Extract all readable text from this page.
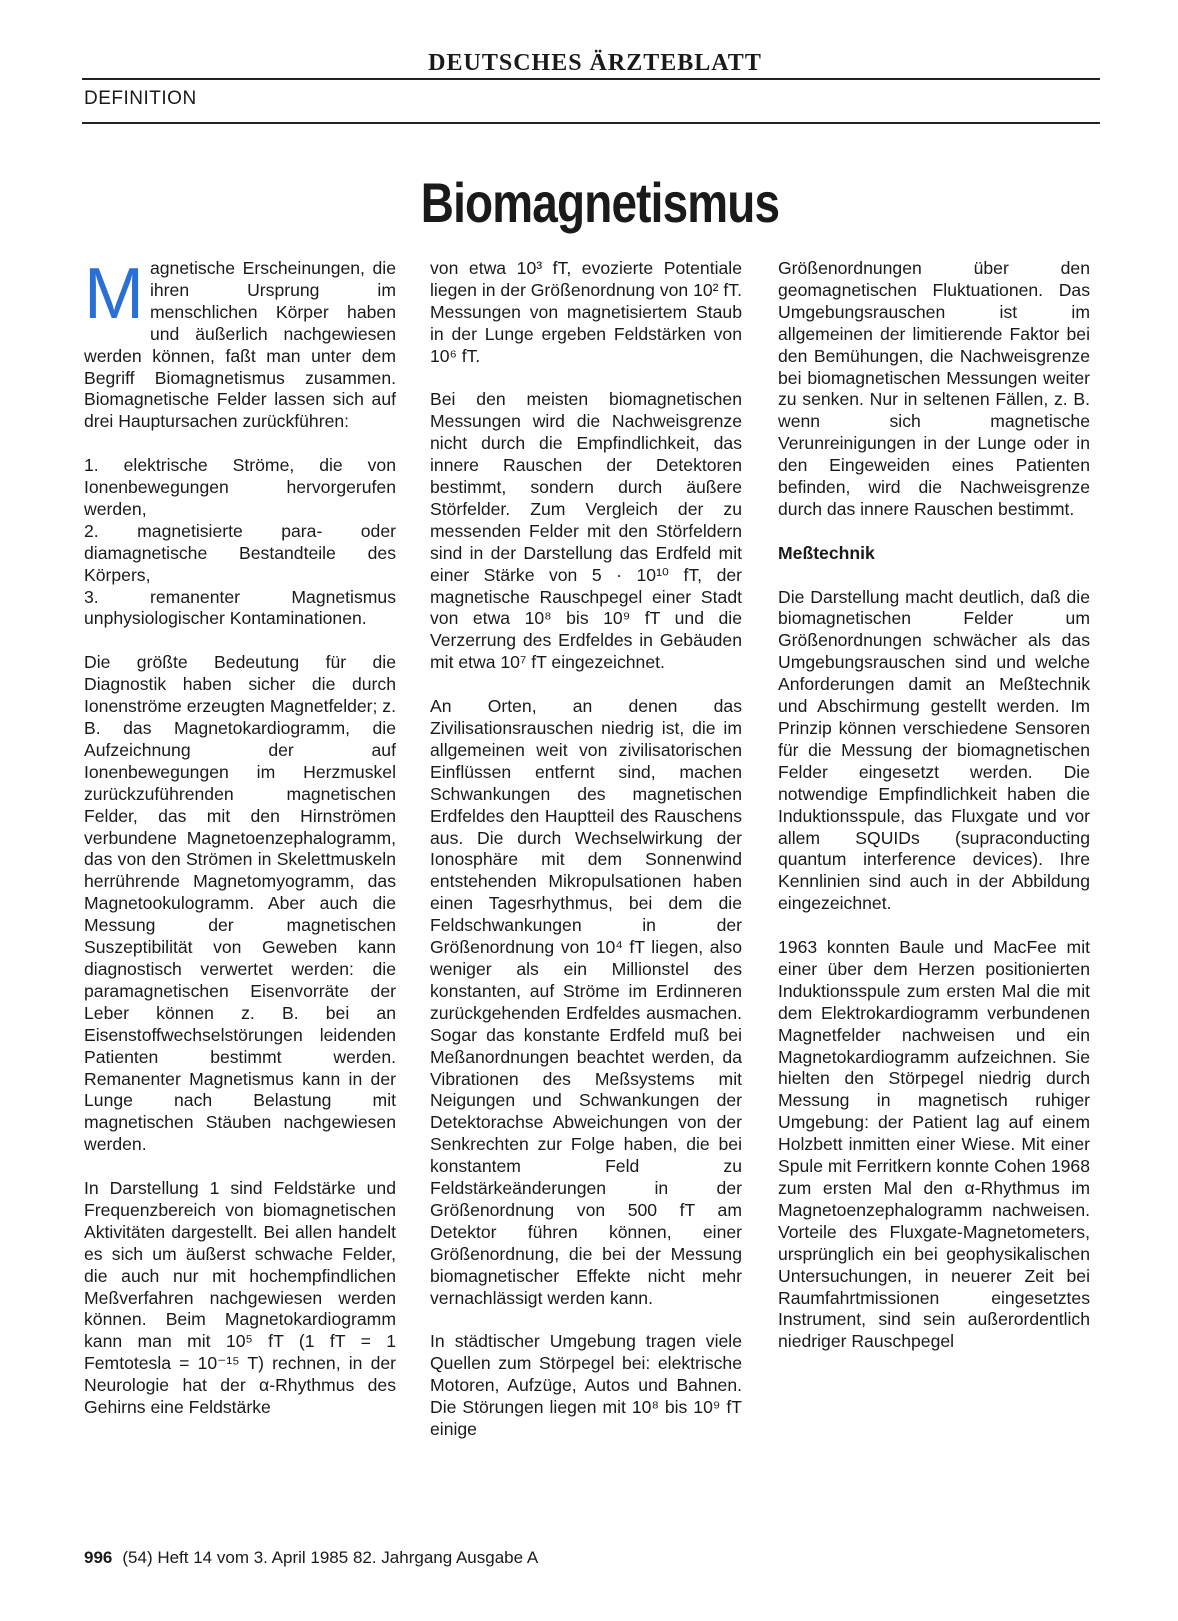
DEUTSCHES ÄRZTEBLATT
DEFINITION
Biomagnetismus

Magnetische Erscheinungen, die ihren Ursprung im menschlichen Körper haben und äußerlich nachgewiesen werden können, faßt man unter dem Begriff Biomagnetismus zusammen. Biomagnetische Felder lassen sich auf drei Hauptursachen zurückführen:

1. elektrische Ströme, die von Ionenbewegungen hervorgerufen werden,

2. magnetisierte para- oder diamagnetische Bestandteile des Körpers,

3. remanenter Magnetismus unphysiologischer Kontaminationen.

Die größte Bedeutung für die Diagnostik haben sicher die durch Ionenströme erzeugten Magnetfelder; z. B. das Magnetokardiogramm, die Aufzeichnung der auf Ionenbewegungen im Herzmuskel zurückzuführenden magnetischen Felder, das mit den Hirnströmen verbundene Magnetoenzephalogramm, das von den Strömen in Skelettmuskeln herrührende Magnetomyogramm, das Magnetookulogramm. Aber auch die Messung der magnetischen Suszeptibilität von Geweben kann diagnostisch verwertet werden: die paramagnetischen Eisenvorräte der Leber können z. B. bei an Eisenstoffwechselstörungen leidenden Patienten bestimmt werden. Remanenter Magnetismus kann in der Lunge nach Belastung mit magnetischen Stäuben nachgewiesen werden.

In Darstellung 1 sind Feldstärke und Frequenzbereich von biomagnetischen Aktivitäten dargestellt. Bei allen handelt es sich um äußerst schwache Felder, die auch nur mit hochempfindlichen Meßverfahren nachgewiesen werden können. Beim Magnetokardiogramm kann man mit 10⁵ fT (1 fT = 1 Femtotesla = 10⁻¹⁵ T) rechnen, in der Neurologie hat der α-Rhythmus des Gehirns eine Feldstärke

von etwa 10³ fT, evozierte Potentiale liegen in der Größenordnung von 10² fT. Messungen von magnetisiertem Staub in der Lunge ergeben Feldstärken von 10⁶ fT.

Bei den meisten biomagnetischen Messungen wird die Nachweisgrenze nicht durch die Empfindlichkeit, das innere Rauschen der Detektoren bestimmt, sondern durch äußere Störfelder. Zum Vergleich der zu messenden Felder mit den Störfeldern sind in der Darstellung das Erdfeld mit einer Stärke von 5 · 10¹⁰ fT, der magnetische Rauschpegel einer Stadt von etwa 10⁸ bis 10⁹ fT und die Verzerrung des Erdfeldes in Gebäuden mit etwa 10⁷ fT eingezeichnet.

An Orten, an denen das Zivilisationsrauschen niedrig ist, die im allgemeinen weit von zivilisatorischen Einflüssen entfernt sind, machen Schwankungen des magnetischen Erdfeldes den Hauptteil des Rauschens aus. Die durch Wechselwirkung der Ionosphäre mit dem Sonnenwind entstehenden Mikropulsationen haben einen Tagesrhythmus, bei dem die Feldschwankungen in der Größenordnung von 10⁴ fT liegen, also weniger als ein Millionstel des konstanten, auf Ströme im Erdinneren zurückgehenden Erdfeldes ausmachen. Sogar das konstante Erdfeld muß bei Meßanordnungen beachtet werden, da Vibrationen des Meßsystems mit Neigungen und Schwankungen der Detektorachse Abweichungen von der Senkrechten zur Folge haben, die bei konstantem Feld zu Feldstärkeänderungen in der Größenordnung von 500 fT am Detektor führen können, einer Größenordnung, die bei der Messung biomagnetischer Effekte nicht mehr vernachlässigt werden kann.

In städtischer Umgebung tragen viele Quellen zum Störpegel bei: elektrische Motoren, Aufzüge, Autos und Bahnen. Die Störungen liegen mit 10⁸ bis 10⁹ fT einige

Größenordnungen über den geomagnetischen Fluktuationen. Das Umgebungsrauschen ist im allgemeinen der limitierende Faktor bei den Bemühungen, die Nachweisgrenze bei biomagnetischen Messungen weiter zu senken. Nur in seltenen Fällen, z. B. wenn sich magnetische Verunreinigungen in der Lunge oder in den Eingeweiden eines Patienten befinden, wird die Nachweisgrenze durch das innere Rauschen bestimmt.

Meßtechnik

Die Darstellung macht deutlich, daß die biomagnetischen Felder um Größenordnungen schwächer als das Umgebungsrauschen sind und welche Anforderungen damit an Meßtechnik und Abschirmung gestellt werden. Im Prinzip können verschiedene Sensoren für die Messung der biomagnetischen Felder eingesetzt werden. Die notwendige Empfindlichkeit haben die Induktionsspule, das Fluxgate und vor allem SQUIDs (supraconducting quantum interference devices). Ihre Kennlinien sind auch in der Abbildung eingezeichnet.

1963 konnten Baule und MacFee mit einer über dem Herzen positionierten Induktionsspule zum ersten Mal die mit dem Elektrokardiogramm verbundenen Magnetfelder nachweisen und ein Magnetokardiogramm aufzeichnen. Sie hielten den Störpegel niedrig durch Messung in magnetisch ruhiger Umgebung: der Patient lag auf einem Holzbett inmitten einer Wiese. Mit einer Spule mit Ferritkern konnte Cohen 1968 zum ersten Mal den α-Rhythmus im Magnetoenzephalogramm nachweisen. Vorteile des Fluxgate-Magnetometers, ursprünglich ein bei geophysikalischen Untersuchungen, in neuerer Zeit bei Raumfahrtmissionen eingesetztes Instrument, sind sein außerordentlich niedriger Rauschpegel

996 (54) Heft 14 vom 3. April 1985 82. Jahrgang Ausgabe A
